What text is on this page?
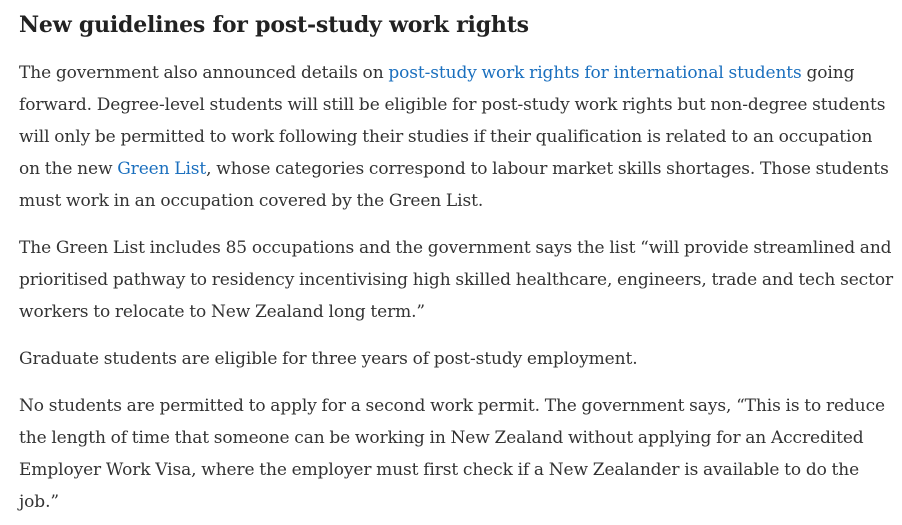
New guidelines for post-study work rights

The government also announced details on post-study work rights for international students going forward. Degree-level students will still be eligible for post-study work rights but non-degree students will only be permitted to work following their studies if their qualification is related to an occupation on the new Green List, whose categories correspond to labour market skills shortages. Those students must work in an occupation covered by the Green List.

The Green List includes 85 occupations and the government says the list “will provide streamlined and prioritised pathway to residency incentivising high skilled healthcare, engineers, trade and tech sector workers to relocate to New Zealand long term.”

Graduate students are eligible for three years of post-study employment.

No students are permitted to apply for a second work permit. The government says, “This is to reduce the length of time that someone can be working in New Zealand without applying for an Accredited Employer Work Visa, where the employer must first check if a New Zealander is available to do the job.”
